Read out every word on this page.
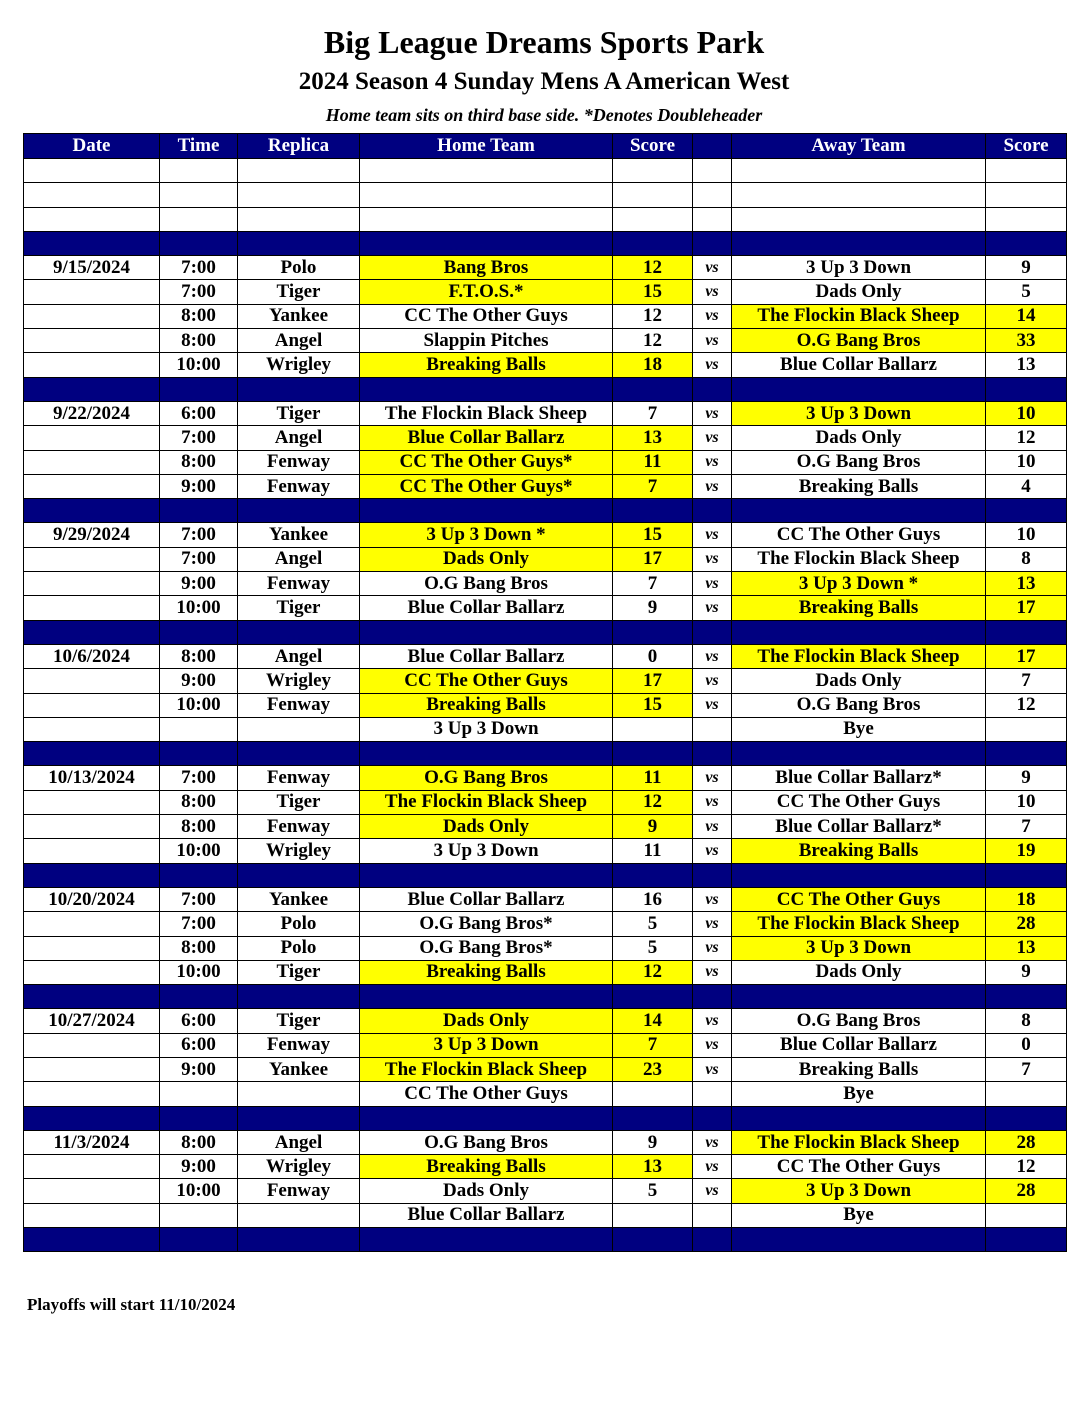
Big League Dreams Sports Park
2024 Season 4 Sunday Mens A American West
Home team sits on third base side. *Denotes Doubleheader
Date	Time	Replica	Home Team	Score		Away Team	Score

9/15/2024	7:00	Polo	Bang Bros	12	vs	3 Up 3 Down	9
	7:00	Tiger	F.T.O.S.*	15	vs	Dads Only	5
	8:00	Yankee	CC The Other Guys	12	vs	The Flockin Black Sheep	14
	8:00	Angel	Slappin Pitches	12	vs	O.G Bang Bros	33
	10:00	Wrigley	Breaking Balls	18	vs	Blue Collar Ballarz	13

9/22/2024	6:00	Tiger	The Flockin Black Sheep	7	vs	3 Up 3 Down	10
	7:00	Angel	Blue Collar Ballarz	13	vs	Dads Only	12
	8:00	Fenway	CC The Other Guys*	11	vs	O.G Bang Bros	10
	9:00	Fenway	CC The Other Guys*	7	vs	Breaking Balls	4

9/29/2024	7:00	Yankee	3 Up 3 Down *	15	vs	CC The Other Guys	10
	7:00	Angel	Dads Only	17	vs	The Flockin Black Sheep	8
	9:00	Fenway	O.G Bang Bros	7	vs	3 Up 3 Down *	13
	10:00	Tiger	Blue Collar Ballarz	9	vs	Breaking Balls	17

10/6/2024	8:00	Angel	Blue Collar Ballarz	0	vs	The Flockin Black Sheep	17
	9:00	Wrigley	CC The Other Guys	17	vs	Dads Only	7
	10:00	Fenway	Breaking Balls	15	vs	O.G Bang Bros	12
			3 Up 3 Down			Bye	

10/13/2024	7:00	Fenway	O.G Bang Bros	11	vs	Blue Collar Ballarz*	9
	8:00	Tiger	The Flockin Black Sheep	12	vs	CC The Other Guys	10
	8:00	Fenway	Dads Only	9	vs	Blue Collar Ballarz*	7
	10:00	Wrigley	3 Up 3 Down	11	vs	Breaking Balls	19

10/20/2024	7:00	Yankee	Blue Collar Ballarz	16	vs	CC The Other Guys	18
	7:00	Polo	O.G Bang Bros*	5	vs	The Flockin Black Sheep	28
	8:00	Polo	O.G Bang Bros*	5	vs	3 Up 3 Down	13
	10:00	Tiger	Breaking Balls	12	vs	Dads Only	9

10/27/2024	6:00	Tiger	Dads Only	14	vs	O.G Bang Bros	8
	6:00	Fenway	3 Up 3 Down	7	vs	Blue Collar Ballarz	0
	9:00	Yankee	The Flockin Black Sheep	23	vs	Breaking Balls	7
			CC The Other Guys			Bye	

11/3/2024	8:00	Angel	O.G Bang Bros	9	vs	The Flockin Black Sheep	28
	9:00	Wrigley	Breaking Balls	13	vs	CC The Other Guys	12
	10:00	Fenway	Dads Only	5	vs	3 Up 3 Down	28
			Blue Collar Ballarz			Bye	

Playoffs will start 11/10/2024
